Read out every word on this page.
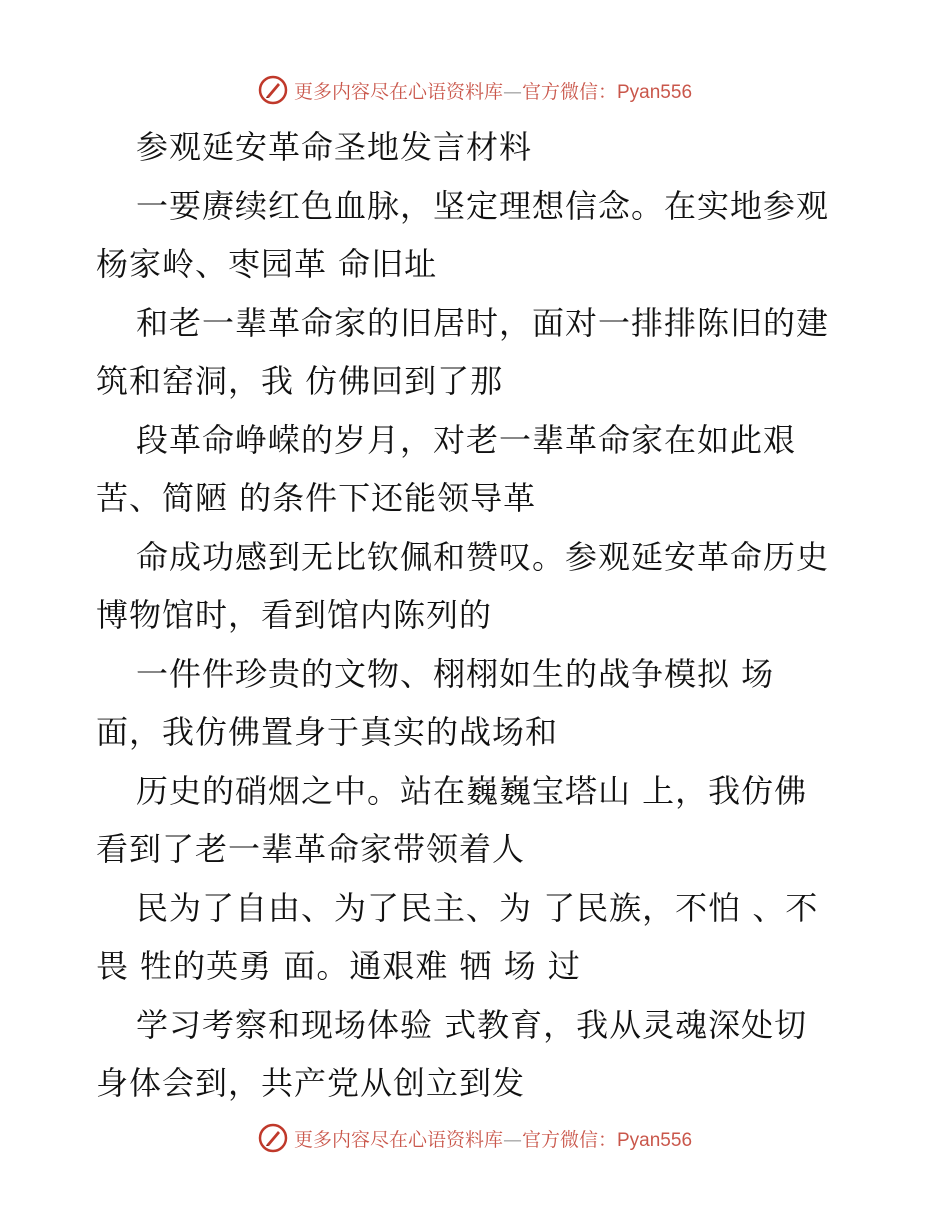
更多内容尽在心语资料库—官方微信：Pyan556
参观延安革命圣地发言材料
一要赓续红色血脉，坚定理想信念。在实地参观
杨家岭、枣园革 命旧址
和老一辈革命家的旧居时，面对一排排陈旧的建
筑和窑洞，我 仿佛回到了那
段革命峥嵘的岁月，对老一辈革命家在如此艰
苦、简陋 的条件下还能领导革
命成功感到无比钦佩和赞叹。参观延安革命历史
博物馆时，看到馆内陈列的
一件件珍贵的文物、栩栩如生的战争模拟 场
面，我仿佛置身于真实的战场和
历史的硝烟之中。站在巍巍宝塔山 上，我仿佛
看到了老一辈革命家带领着人
民为了自由、为了民主、为 了民族，不怕 、不
畏 牲的英勇 面。通艰难 牺 场 过
学习考察和现场体验 式教育，我从灵魂深处切
身体会到，共产党从创立到发
更多内容尽在心语资料库—官方微信：Pyan556
